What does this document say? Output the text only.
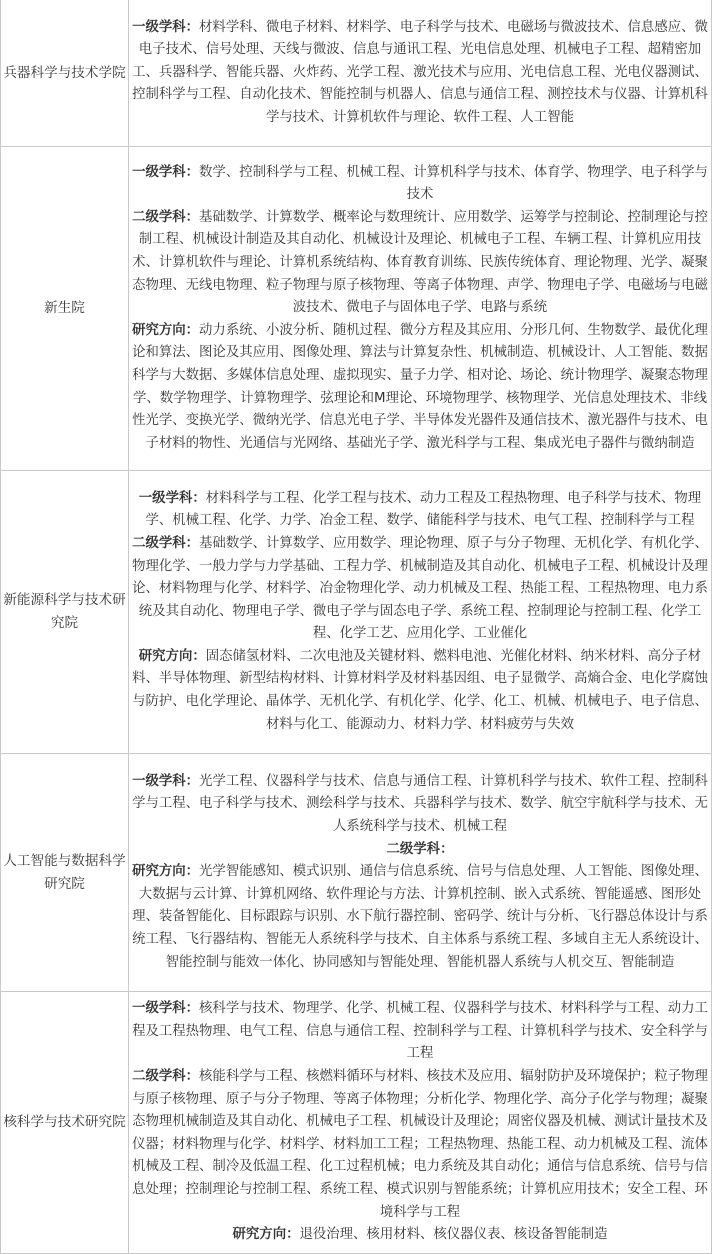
兵器科学与技术学院	一级学科：材料学科、微电子材料、材料学、电子科学与技术、电磁场与微波技术、信息感应、微电子技术、信号处理、天线与微波、信息与通讯工程、光电信息处理、机械电子工程、超精密加工、兵器科学、智能兵器、火炸药、光学工程、激光技术与应用、光电信息工程、光电仪器测试、控制科学与工程、自动化技术、智能控制与机器人、信息与通信工程、测控技术与仪器、计算机科学与技术、计算机软件与理论、软件工程、人工智能

新生院	一级学科：数学、控制科学与工程、机械工程、计算机科学与技术、体育学、物理学、电子科学与技术

二级学科：基础数学、计算数学、概率论与数理统计、应用数学、运筹学与控制论、控制理论与控制工程、机械设计制造及其自动化、机械设计及理论、机械电子工程、车辆工程、计算机应用技术、计算机软件与理论、计算机系统结构、体育教育训练、民族传统体育、理论物理、光学、凝聚态物理、无线电物理、粒子物理与原子核物理、等离子体物理、声学、物理电子学、电磁场与电磁波技术、微电子与固体电子学、电路与系统

研究方向：动力系统、小波分析、随机过程、微分方程及其应用、分形几何、生物数学、最优化理论和算法、图论及其应用、图像处理、算法与计算复杂性、机械制造、机械设计、人工智能、数据科学与大数据、多媒体信息处理、虚拟现实、量子力学、相对论、场论、统计物理学、凝聚态物理学、数学物理学、计算物理学、弦理论和M理论、环境物理学、核物理学、光信息处理技术、非线性光学、变换光学、微纳光学、信息光电子学、半导体发光器件及通信技术、激光器件与技术、电子材料的物性、光通信与光网络、基础光子学、激光科学与工程、集成光电子器件与微纳制造

新能源科学与技术研究院	一级学科：材料科学与工程、化学工程与技术、动力工程及工程热物理、电子科学与技术、物理学、机械工程、化学、力学、冶金工程、数学、储能科学与技术、电气工程、控制科学与工程

二级学科：基础数学、计算数学、应用数学、理论物理、原子与分子物理、无机化学、有机化学、物理化学、一般力学与力学基础、工程力学、机械制造及其自动化、机械电子工程、机械设计及理论、材料物理与化学、材料学、冶金物理化学、动力机械及工程、热能工程、工程热物理、电力系统及其自动化、物理电子学、微电子学与固态电子学、系统工程、控制理论与控制工程、化学工程、化学工艺、应用化学、工业催化

研究方向：固态储氢材料、二次电池及关键材料、燃料电池、光催化材料、纳米材料、高分子材料、半导体物理、新型结构材料、计算材料学及材料基因组、电子显微学、高熵合金、电化学腐蚀与防护、电化学理论、晶体学、无机化学、有机化学、化学、化工、机械、机械电子、电子信息、材料与化工、能源动力、材料力学、材料疲劳与失效

人工智能与数据科学研究院	一级学科：光学工程、仪器科学与技术、信息与通信工程、计算机科学与技术、软件工程、控制科学与工程、电子科学与技术、测绘科学与技术、兵器科学与技术、数学、航空宇航科学与技术、无人系统科学与技术、机械工程

二级学科：

研究方向：光学智能感知、模式识别、通信与信息系统、信号与信息处理、人工智能、图像处理、大数据与云计算、计算机网络、软件理论与方法、计算机控制、嵌入式系统、智能遥感、图形处理、装备智能化、目标跟踪与识别、水下航行器控制、密码学、统计与分析、飞行器总体设计与系统工程、飞行器结构、智能无人系统科学与技术、自主体系与系统工程、多域自主无人系统设计、智能控制与能效一体化、协同感知与智能处理、智能机器人系统与人机交互、智能制造

核科学与技术研究院	一级学科：核科学与技术、物理学、化学、机械工程、仪器科学与技术、材料科学与工程、动力工程及工程热物理、电气工程、信息与通信工程、控制科学与工程、计算机科学与技术、安全科学与工程

二级学科：核能科学与工程、核燃料循环与材料、核技术及应用、辐射防护及环境保护；粒子物理与原子核物理、原子与分子物理、等离子体物理；分析化学、物理化学、高分子化学与物理；凝聚态物理机械制造及其自动化、机械电子工程、机械设计及理论；周密仪器及机械、测试计量技术及仪器；材料物理与化学、材料学、材料加工工程；工程热物理、热能工程、动力机械及工程、流体机械及工程、制冷及低温工程、化工过程机械；电力系统及其自动化；通信与信息系统、信号与信息处理；控制理论与控制工程、系统工程、模式识别与智能系统；计算机应用技术；安全工程、环境科学与工程

研究方向：退役治理、核用材料、核仪器仪表、核设备智能制造
